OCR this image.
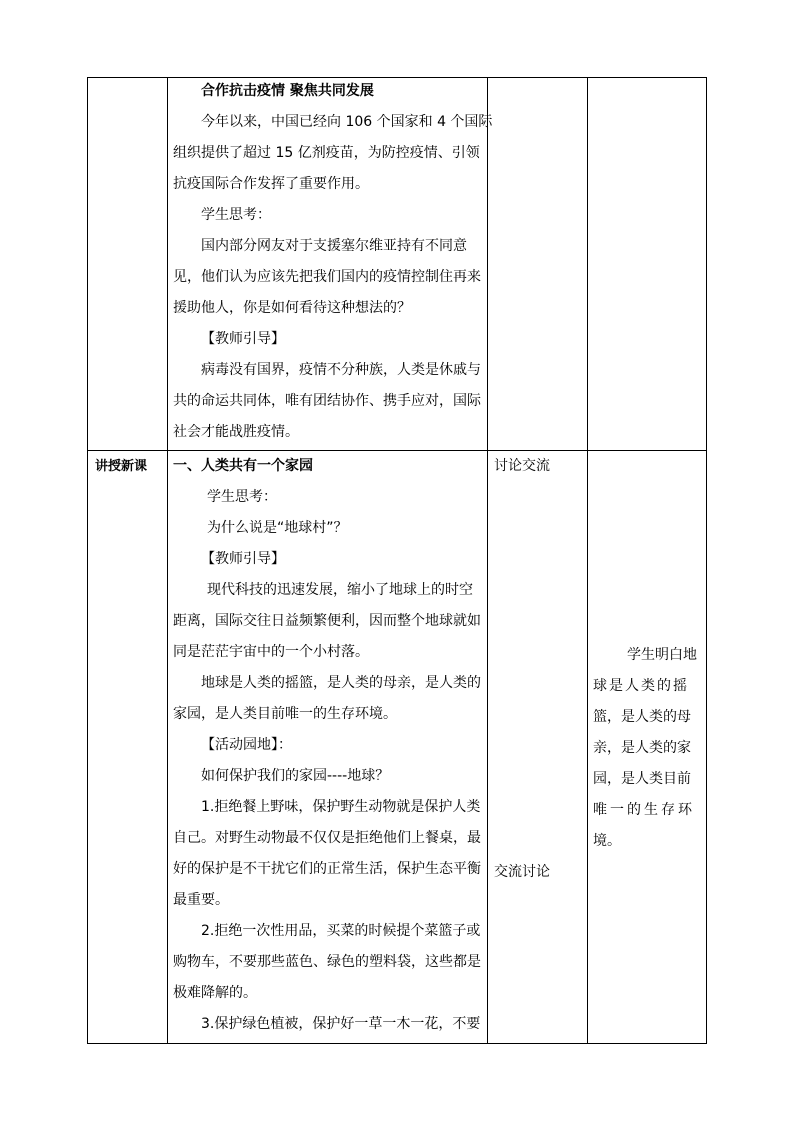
合作抗击疫情 聚焦共同发展

今年以来，中国已经向 106 个国家和 4 个国际

组织提供了超过 15 亿剂疫苗，为防控疫情、引领

抗疫国际合作发挥了重要作用。

学生思考：

国内部分网友对于支援塞尔维亚持有不同意

见，他们认为应该先把我们国内的疫情控制住再来

援助他人，你是如何看待这种想法的？

【教师引导】

病毒没有国界，疫情不分种族，人类是休戚与

共的命运共同体，唯有团结协作、携手应对，国际

社会才能战胜疫情。

讲授新课 一、人类共有一个家园

学生思考：

为什么说是“地球村”？

【教师引导】

现代科技的迅速发展，缩小了地球上的时空

距离，国际交往日益频繁便利，因而整个地球就如

同是茫茫宇宙中的一个小村落。

地球是人类的摇篮，是人类的母亲，是人类的

家园，是人类目前唯一的生存环境。

【活动园地】：

如何保护我们的家园----地球？

1.拒绝餐上野味，保护野生动物就是保护人类

自己。对野生动物最不仅仅是拒绝他们上餐桌，最

好的保护是不干扰它们的正常生活，保护生态平衡

最重要。

2.拒绝一次性用品，买菜的时候提个菜篮子或

购物车，不要那些蓝色、绿色的塑料袋，这些都是

极难降解的。

3.保护绿色植被，保护好一草一木一花，不要

讨论交流
交流讨论

学生明白地

球是人类的摇

篮，是人类的母

亲，是人类的家

园，是人类目前

唯一的生存环

境。
